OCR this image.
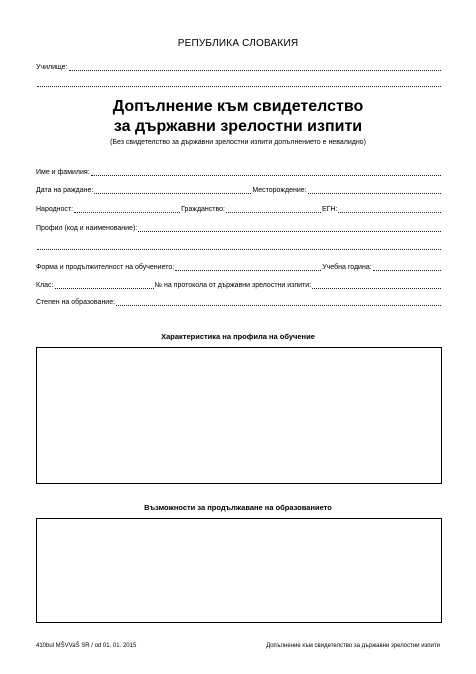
РЕПУБЛИКА СЛОВАКИЯ
Училище:
Допълнение към свидетелство
за държавни зрелостни изпити
(Без свидетелство за държавни зрелостни изпити допълнението е невалидно)
Име и фамилия:
Дата на раждане:	Месторождение:
Народност:	Гражданство:	ЕГН:
Профил (код и наименование):
Форма и продължителност на обучението:	Учебна година:
Клас:	№ на протокола от държавни зрелостни изпити:
Степен на образование:
Характеристика на профила на обучение
Възможности за продължаване на образованието
410bul MŠVVaŠ SR / od 01. 01. 2015	Допълнение към свидетелство за държавни зрелостни изпити
